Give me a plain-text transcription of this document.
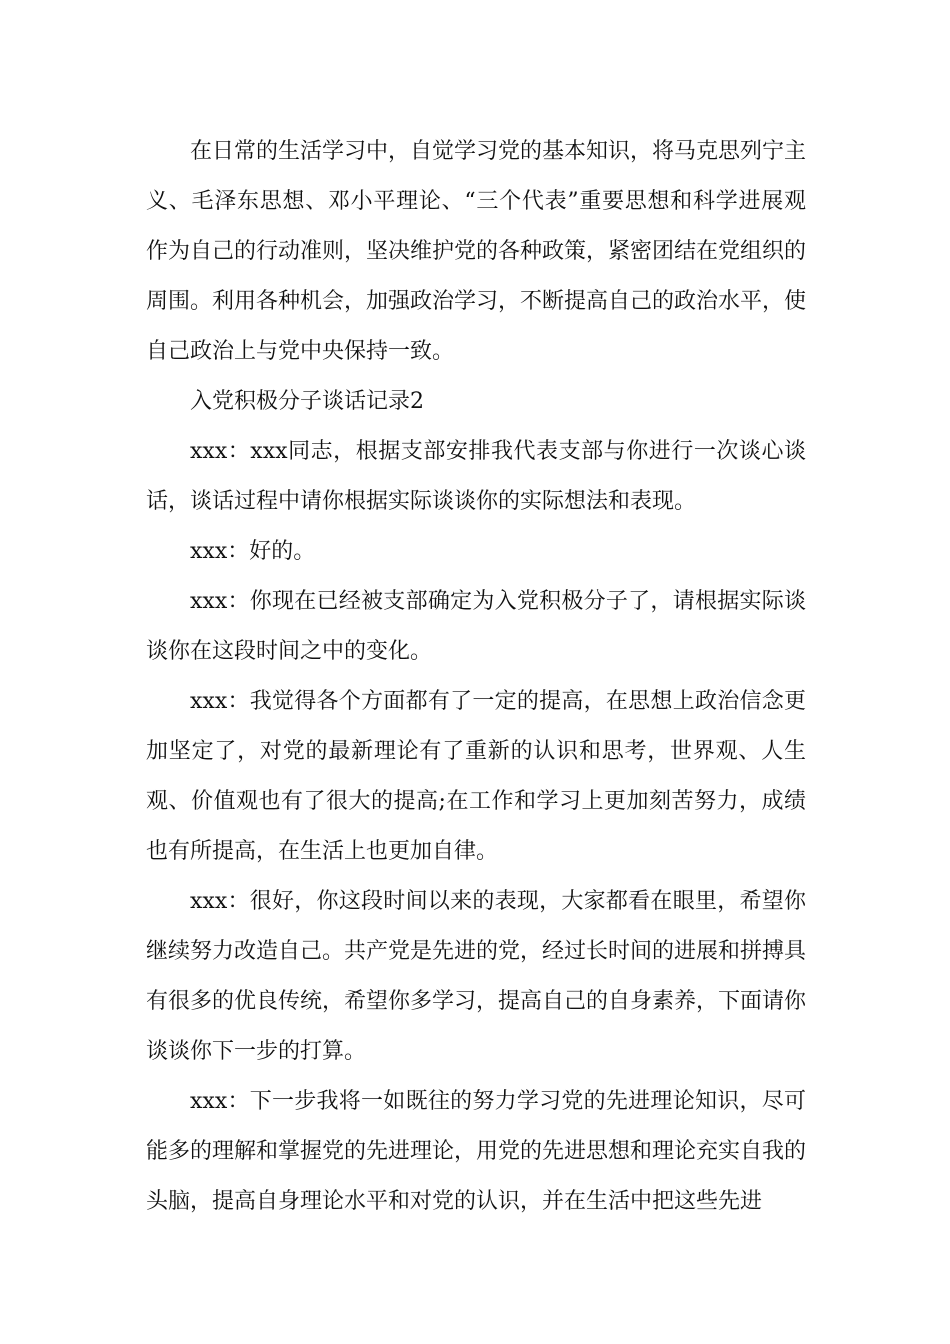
在日常的生活学习中，自觉学习党的基本知识，将马克思列宁主义、毛泽东思想、邓小平理论、“三个代表”重要思想和科学进展观作为自己的行动准则，坚决维护党的各种政策，紧密团结在党组织的周围。利用各种机会，加强政治学习，不断提高自己的政治水平，使自己政治上与党中央保持一致。

入党积极分子谈话记录2

xxx：xxx同志，根据支部安排我代表支部与你进行一次谈心谈话，谈话过程中请你根据实际谈谈你的实际想法和表现。

xxx：好的。

xxx：你现在已经被支部确定为入党积极分子了，请根据实际谈谈你在这段时间之中的变化。

xxx：我觉得各个方面都有了一定的提高，在思想上政治信念更加坚定了，对党的最新理论有了重新的认识和思考，世界观、人生观、价值观也有了很大的提高;在工作和学习上更加刻苦努力，成绩也有所提高，在生活上也更加自律。

xxx：很好，你这段时间以来的表现，大家都看在眼里，希望你继续努力改造自己。共产党是先进的党，经过长时间的进展和拼搏具有很多的优良传统，希望你多学习，提高自己的自身素养，下面请你谈谈你下一步的打算。

xxx：下一步我将一如既往的努力学习党的先进理论知识，尽可能多的理解和掌握党的先进理论，用党的先进思想和理论充实自我的头脑，提高自身理论水平和对党的认识，并在生活中把这些先进
